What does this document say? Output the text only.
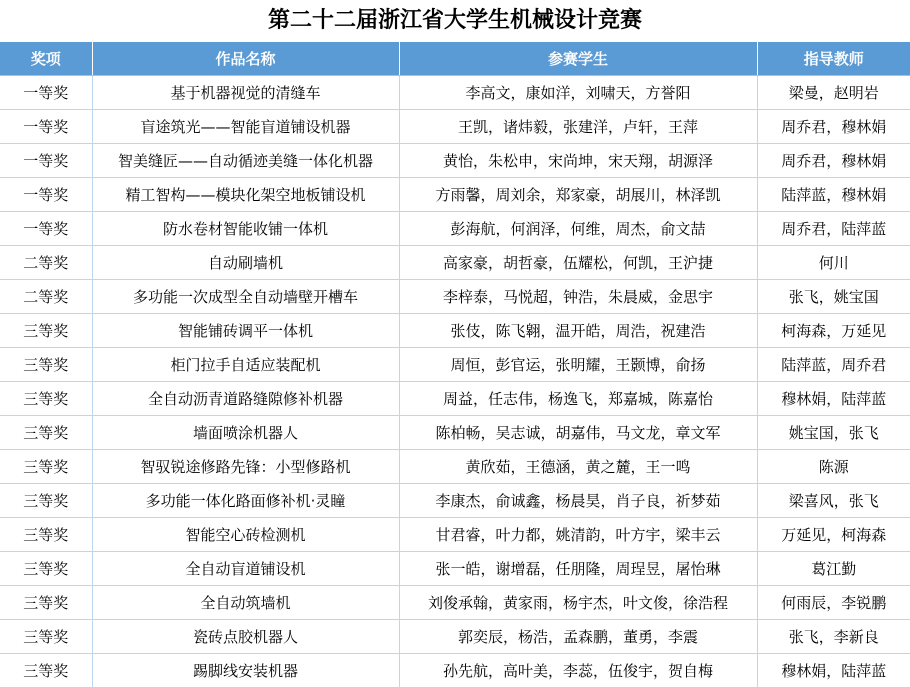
第二十二届浙江省大学生机械设计竞赛
奖项	作品名称	参赛学生	指导教师
一等奖	基于机器视觉的清缝车	李高文，康如洋，刘啸天，方誉阳	梁曼，赵明岩
一等奖	盲途筑光——智能盲道铺设机器	王凯，诸炜毅，张建洋，卢轩，王萍	周乔君，穆林娟
一等奖	智美缝匠——自动循迹美缝一体化机器	黄怡，朱松申，宋尚坤，宋天翔，胡源泽	周乔君，穆林娟
一等奖	精工智构——模块化架空地板铺设机	方雨馨，周刘余，郑家豪，胡展川，林泽凯	陆萍蓝，穆林娟
一等奖	防水卷材智能收铺一体机	彭海航，何润泽，何维，周杰，俞文喆	周乔君，陆萍蓝
二等奖	自动刷墙机	高家豪，胡哲豪，伍耀松，何凯，王沪捷	何川
二等奖	多功能一次成型全自动墙壁开槽车	李梓泰，马悦超，钟浩，朱晨威，金思宇	张飞，姚宝国
三等奖	智能铺砖调平一体机	张伎，陈飞翱，温开皓，周浩，祝建浩	柯海森，万延见
三等奖	柜门拉手自适应装配机	周恒，彭官运，张明耀，王颢博，俞扬	陆萍蓝，周乔君
三等奖	全自动沥青道路缝隙修补机器	周益，任志伟，杨逸飞，郑嘉城，陈嘉怡	穆林娟，陆萍蓝
三等奖	墙面喷涂机器人	陈柏畅，吴志诚，胡嘉伟，马文龙，章文军	姚宝国，张飞
三等奖	智驭锐途修路先锋：小型修路机	黄欣茹，王德涵，黄之麓，王一鸣	陈源
三等奖	多功能一体化路面修补机·灵瞳	李康杰，俞诚鑫，杨晨昊，肖子良，祈梦茹	梁喜风，张飞
三等奖	智能空心砖检测机	甘君睿，叶力都，姚清韵，叶方宇，梁丰云	万延见，柯海森
三等奖	全自动盲道铺设机	张一皓，谢增磊，任朋隆，周珵昱，屠怡琳	葛江勤
三等奖	全自动筑墙机	刘俊承翰，黄家雨，杨宇杰，叶文俊，徐浩程	何雨辰，李锐鹏
三等奖	瓷砖点胶机器人	郭奕辰，杨浩，孟森鹏，董勇，李震	张飞，李新良
三等奖	踢脚线安装机器	孙先航，高叶美，李蕊，伍俊宇，贺自梅	穆林娟，陆萍蓝
